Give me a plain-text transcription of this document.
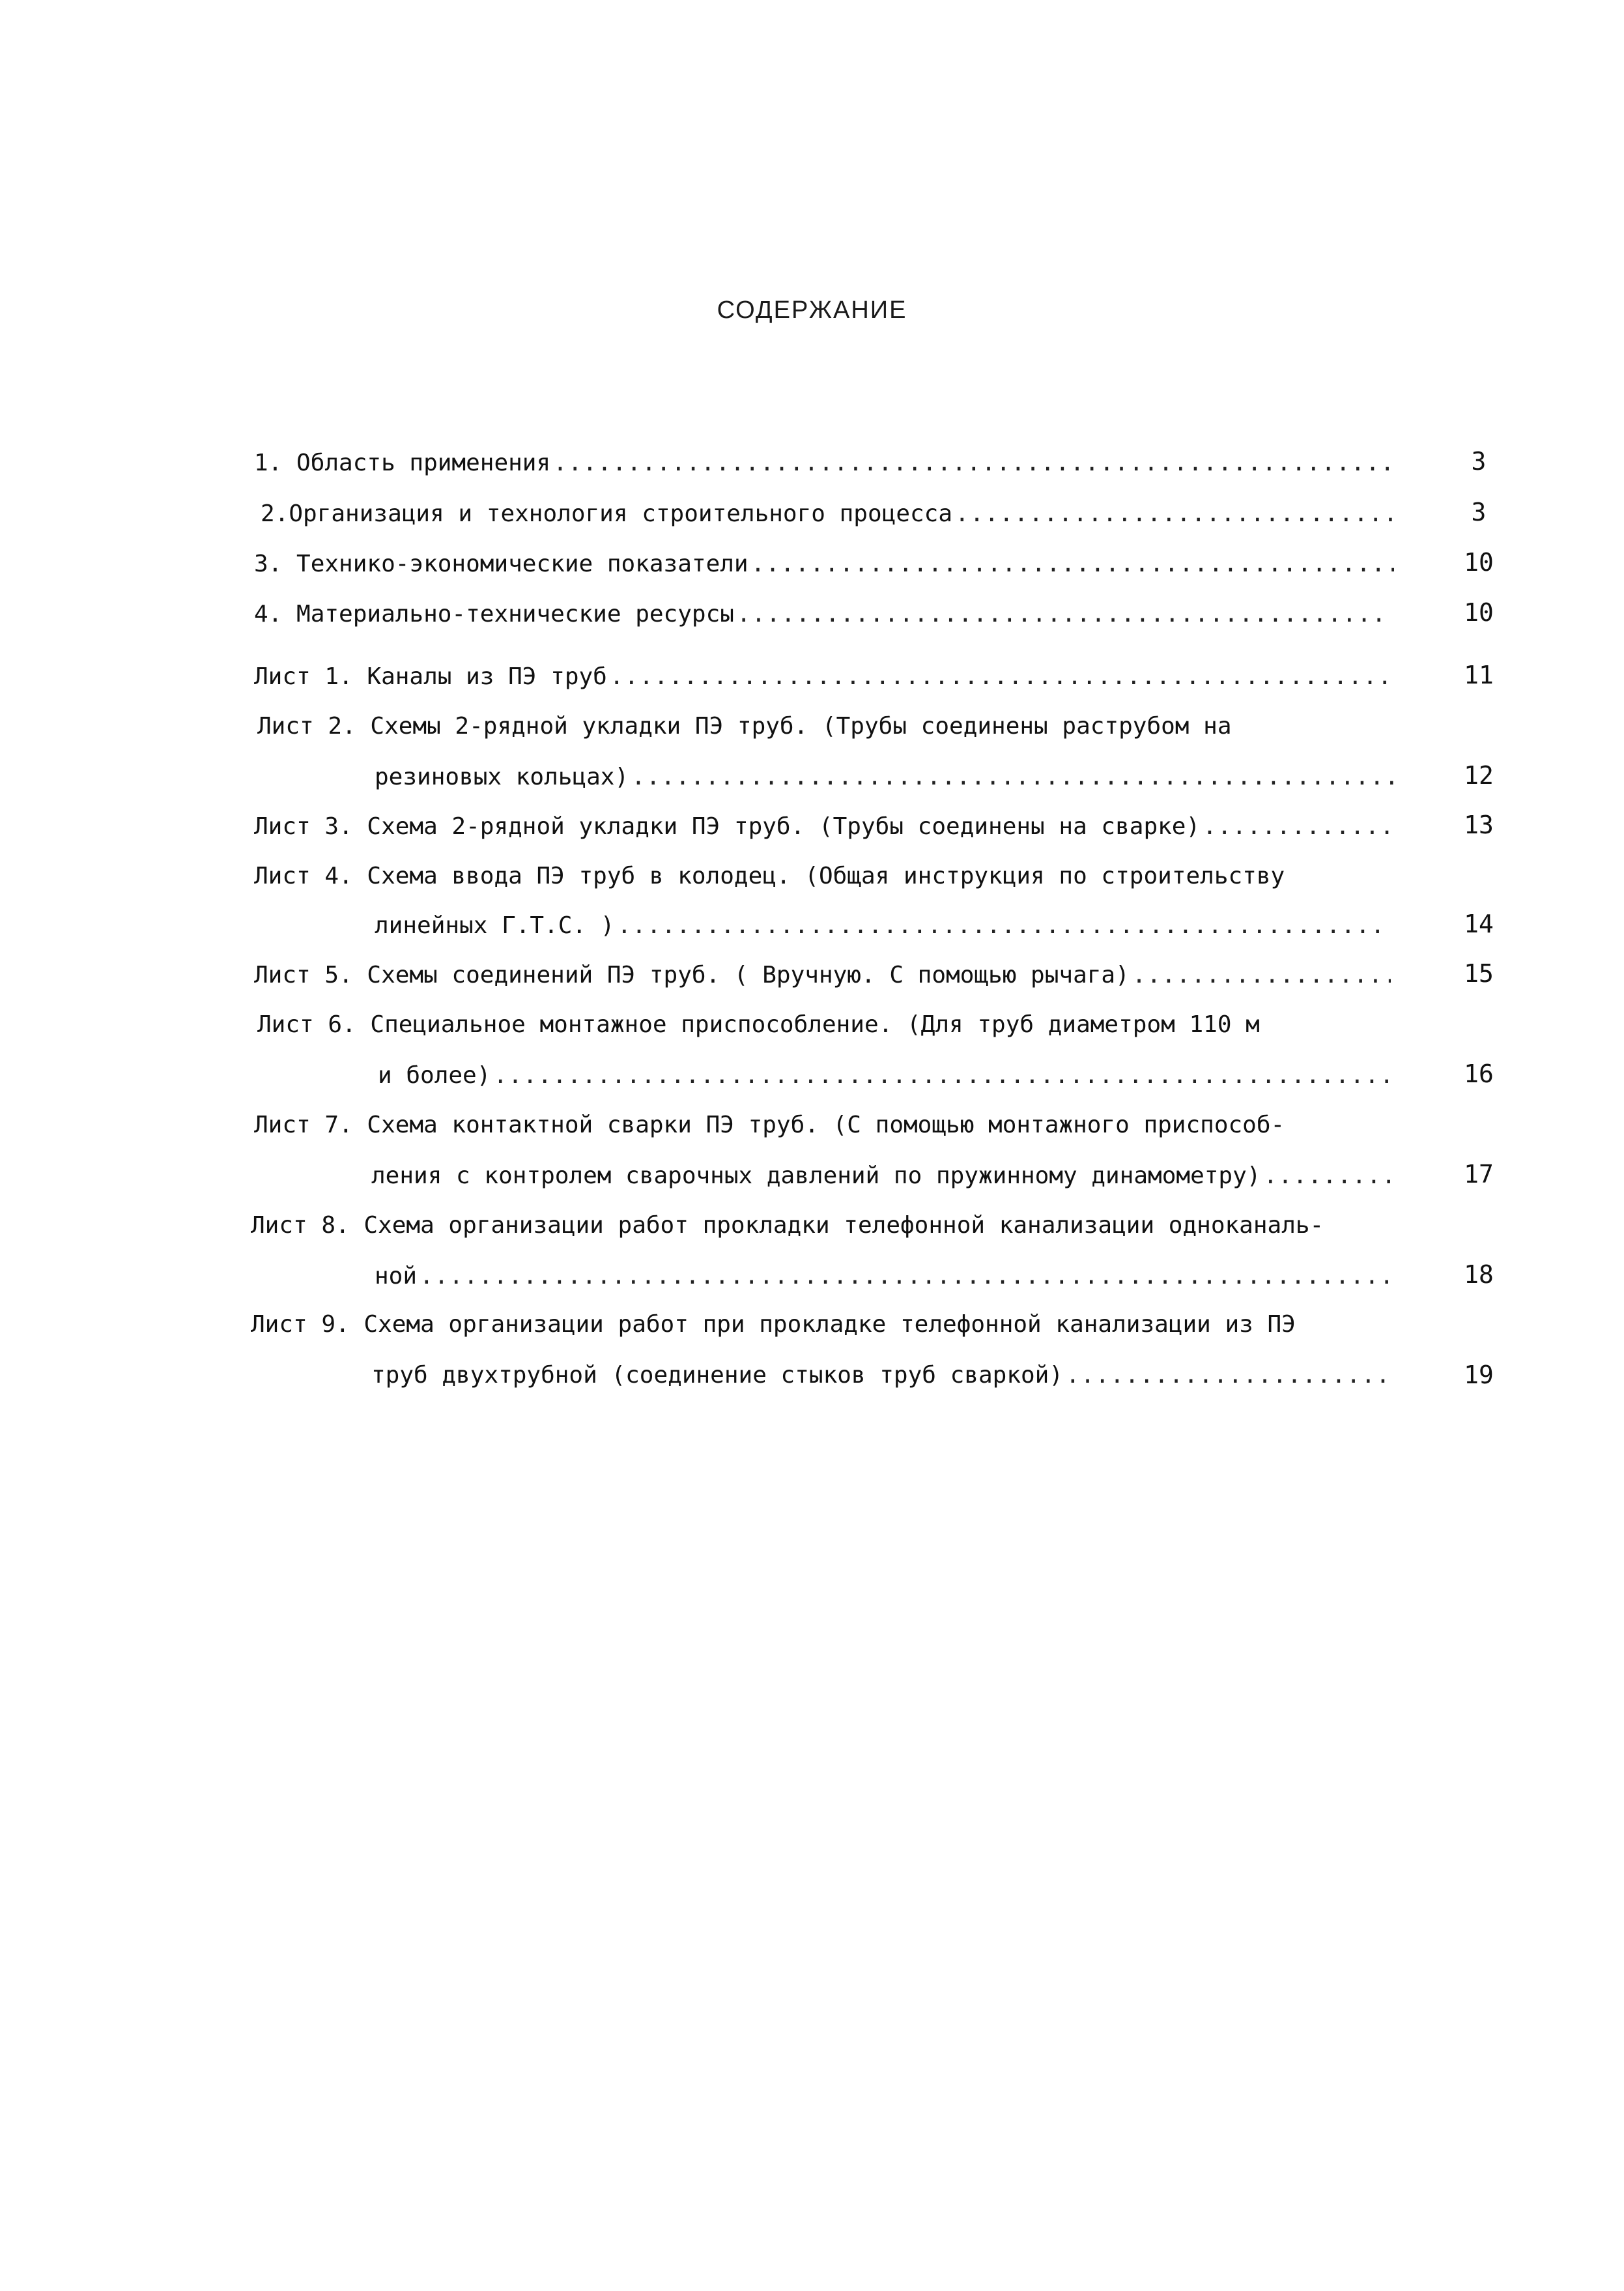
СОДЕРЖАНИЕ
1. Область применения .....	3
2.Организация и технология строительного процесса .....	3
3. Технико-экономические показатели .....	10
4. Материально-технические ресурсы .....	10
Лист 1. Каналы из ПЭ труб .....	11
Лист 2. Схемы 2-рядной укладки ПЭ труб. (Трубы соединены раструбом на
резиновых кольцах) .....	12
Лист 3. Схема 2-рядной укладки ПЭ труб. (Трубы соединены на сварке) .....	13
Лист 4. Схема ввода ПЭ труб в колодец. (Общая инструкция по строительству
линейных Г.Т.С. ) .....	14
Лист 5. Схемы соединений ПЭ труб. ( Вручную. С помощью рычага) .....	15
Лист 6. Специальное монтажное приспособление. (Для труб диаметром 110 м
и более) .....	16
Лист 7. Схема контактной сварки ПЭ труб. (С помощью монтажного приспособ-
ления с контролем сварочных давлений по пружинному динамометру) .....	17
Лист 8. Схема организации работ прокладки телефонной канализации одноканаль-
ной .....	18
Лист 9. Схема организации работ при прокладке телефонной канализации из ПЭ
труб двухтрубной (соединение стыков труб сваркой) .....	19
